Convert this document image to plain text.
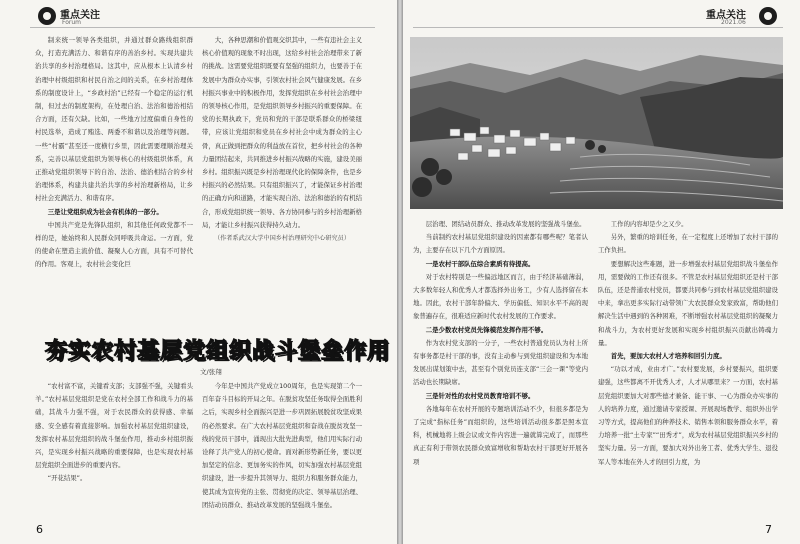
重点关注
Forum

制来统一领导各类组织，并通过群众路线组织群众，打造充满活力、和谐有序的善治乡村。实现共建共治共享的乡村治理格局。这其中，应从根本上认清乡村治理中村级组织和村民自治之间的关系，在乡村治理体系的制度设计上，“乡政村治”已经有一个稳定的运行机制，但过去的制度架构，在处理自治、法治和德治相结合方面，还有欠缺。比如，一些地方过度偏重自身性的村民选举，造成了贿选、两委不和谐以及治理等问题。一些“村霸”甚至还一度横行乡里，因此需要理顺治理关系，完善以基层党组织为领导核心的村级组织体系，真正推动党组织领导下的自治、法治、德治相结合的乡村治理体系，构建共建共治共享的乡村治理新格局，让乡村社会充满活力、和谐有序。

三是让党组织成为社会有机体的一部分。

中国共产党是先锋队组织，和其他任何政党都不一样的是，她始终和人民群众同呼吸共命运。一方面，党的使命在塑造主流价值、凝聚人心方面，具有不可替代的作用。客观上，农村社会变化巨

大，各种思潮和价值观交织其中，一些有违社会主义核心价值观的现象不时出现，这给乡村社会治理带来了新的挑战。这需要党组织既要有坚强的组织力，也要善于在发展中为群众办实事，引领农村社会风气健康发展。在乡村振兴事业中的积极作用，发挥党组织在乡村社会治理中的领导核心作用，是党组织领导乡村振兴的重要保障。在党的长期执政下，党员和党的干部是联系群众的桥梁纽带，应该让党组织和党员在乡村社会中成为群众的主心骨，真正做到把群众的利益放在首位，把乡村社会的各种力量团结起来，共同推进乡村振兴战略的实施，建设美丽乡村。组织振兴既是乡村治理现代化的保障条件，也是乡村振兴的必然结果。只有组织振兴了，才能保证乡村治理的正确方向和道路，才能实现自治、法治和德治的有机结合，形成党组织统一领导、各方协同参与的乡村治理新格局，才能让乡村振兴获得持久动力。

（作者系武汉大学中国乡村治理研究中心研究员）

夯实农村基层党组织战斗堡垒作用
文/张翔

“农村富不富，关键看支部；支部强不强，关键看头羊。”农村基层党组织是党在农村全部工作和战斗力的基础，其战斗力强不强，对于农民群众的获得感、幸福感、安全感有着直接影响。加强农村基层党组织建设，发挥农村基层党组织的战斗堡垒作用，推动乡村组织振兴，是实现乡村振兴战略的重要保障，也是实现农村基层党组织全面进步的重要内容。

“开花结果”。

今年是中国共产党成立100周年，也是实现第二个一百年奋斗目标的开局之年。在脱贫攻坚任务取得全面胜利之后，实现乡村全面振兴是进一步巩固拓展脱贫攻坚成果的必然要求。在广大农村基层党组织和奋战在脱贫攻坚一线的党员干部中，涌现出大批先进典型，他们用实际行动诠释了共产党人的初心使命。面对新形势新任务，要以更加坚定的信念、更加务实的作风，切实加强农村基层党组织建设，进一步提升其领导力、组织力和服务群众能力，使其成为宣传党的主张、贯彻党的决定、领导基层治理、团结动员群众、推动改革发展的坚强战斗堡垒。

6
重点关注
2021.06

层治理、团结动员群众、推动改革发展的坚强战斗堡垒。

当前制约农村基层党组织建设的因素都有哪些呢？笔者认为，主要存在以下几个方面原因。

一是农村干部队伍综合素质有待提高。

对于农村特别是一些偏远地区而言，由于经济基础薄弱，大多数年轻人和优秀人才都选择外出务工，少有人选择留在本地。因此，农村干部年龄偏大、学历偏低、知识水平不高的现象普遍存在，很难适应新时代农村发展的工作要求。

二是少数农村党员先锋模范发挥作用不够。

作为农村党支部的一分子，一些农村普通党员认为村上所有事务都是村干部的事，没有主动参与到党组织建设和为本地发展出谋划策中去，甚至有个别党员连支部“三会一课”等党内活动也长期缺席。

三是针对性的农村党员教育培训不够。

各地每年在农村开展的专题培训活动不少，但很多都是为了完成“指标任务”而组织的，这些培训活动很多都是照本宣科，机械地将上级会议或文件内容进一遍就算完成了，而那些真正有利于带领农民群众致富增收和帮助农村干部更好开展各项

工作的内容却是少之又少。

另外，繁重的培训任务，在一定程度上还增加了农村干部的工作负担。

要想解决这些难题，进一步增强农村基层党组织战斗堡垒作用，需要做的工作还有很多。不管是农村基层党组织还是村干部队伍，还是普通农村党员，都要共同参与到农村基层党组织建设中来，拿出更多实际行动带领广大农民群众发家致富，帮助他们解决生活中遇到的各种困难，不断增强农村基层党组织的凝聚力和战斗力，为农村更好发展和实现乡村组织振兴贡献出铸魂力量。

首先，要加大农村人才培养和回引力度。

“功以才成，业由才广。”农村要发展，乡村要振兴，组织要建强，这些都离不开优秀人才，人才从哪里来？一方面，农村基层党组织要加大对那些德才兼备、能干事、一心为群众办实事的人的培养力度，通过邀请专家授课、开展现场教学、组织外出学习等方式，提高他们的种养技术、销售本领和服务群众水平，着力培养一批“土专家”“田秀才”，成为农村基层党组织振兴乡村的坚实力量。另一方面，要加大对外出务工者、优秀大学生、退役军人等本地在外人才的回引力度，为

7
